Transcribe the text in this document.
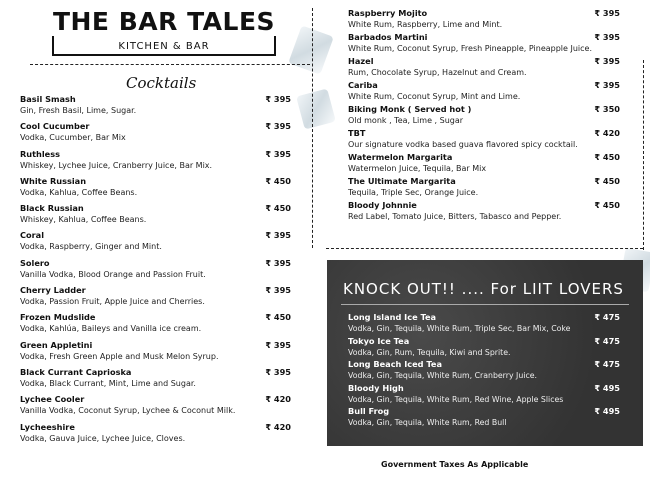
THE BAR TALES
KITCHEN & BAR
Cocktails
Basil Smash
Gin, Fresh Basil, Lime, Sugar.
₹ 395
Cool Cucumber
Vodka, Cucumber, Bar Mix
₹ 395
Ruthless
Whiskey, Lychee Juice, Cranberry Juice, Bar Mix.
₹ 395
White Russian
Vodka, Kahlua, Coffee Beans.
₹ 450
Black Russian
Whiskey, Kahlua, Coffee Beans.
₹ 450
Coral
Vodka, Raspberry, Ginger and Mint.
₹ 395
Solero
Vanilla Vodka, Blood Orange and Passion Fruit.
₹ 395
Cherry Ladder
Vodka, Passion Fruit, Apple Juice and Cherries.
₹ 395
Frozen Mudslide
Vodka, Kahlúa, Baileys and Vanilla ice cream.
₹ 450
Green Appletini
Vodka, Fresh Green Apple and Musk Melon Syrup.
₹ 395
Black Currant Caprioska
Vodka, Black Currant, Mint, Lime and Sugar.
₹ 395
Lychee Cooler
Vanilla Vodka, Coconut Syrup, Lychee & Coconut Milk.
₹ 420
Lycheeshire
Vodka, Gauva Juice, Lychee Juice, Cloves.
₹ 420
Raspberry Mojito
White Rum, Raspberry, Lime and Mint.
₹ 395
Barbados Martini
White Rum, Coconut Syrup, Fresh Pineapple, Pineapple Juice.
₹ 395
Hazel
Rum, Chocolate Syrup, Hazelnut and Cream.
₹ 395
Cariba
White Rum, Coconut Syrup, Mint and Lime.
₹ 395
Biking Monk ( Served hot )
Old monk , Tea, Lime , Sugar
₹ 350
TBT
Our signature vodka based guava flavored spicy cocktail.
₹ 420
Watermelon Margarita
Watermelon Juice, Tequila, Bar Mix
₹ 450
The Ultimate Margarita
Tequila, Triple Sec, Orange Juice.
₹ 450
Bloody Johnnie
Red Label, Tomato Juice, Bitters, Tabasco and Pepper.
₹ 450
KNOCK OUT!! .... For LIIT LOVERS
Long Island Ice Tea
Vodka, Gin, Tequila, White Rum, Triple Sec, Bar Mix, Coke
₹ 475
Tokyo Ice Tea
Vodka, Gin, Rum, Tequila, Kiwi and Sprite.
₹ 475
Long Beach Iced Tea
Vodka, Gin, Tequila, White Rum, Cranberry Juice.
₹ 475
Bloody High
Vodka, Gin, Tequila, White Rum, Red Wine, Apple Slices
₹ 495
Bull Frog
Vodka, Gin, Tequila, White Rum, Red Bull
₹ 495
Government Taxes As Applicable
